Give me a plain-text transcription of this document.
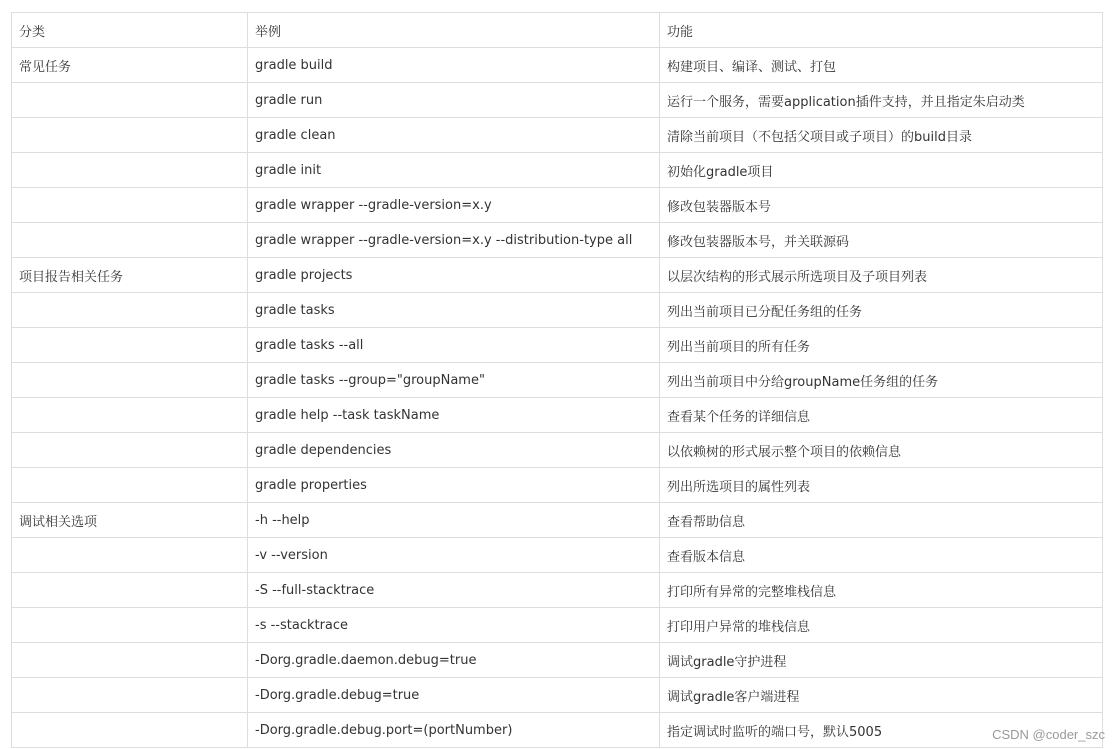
分类	举例	功能
常见任务	gradle build	构建项目、编译、测试、打包
	gradle run	运行一个服务，需要application插件支持，并且指定朱启动类
	gradle clean	清除当前项目（不包括父项目或子项目）的build目录
	gradle init	初始化gradle项目
	gradle wrapper --gradle-version=x.y	修改包装器版本号
	gradle wrapper --gradle-version=x.y --distribution-type all	修改包装器版本号，并关联源码
项目报告相关任务	gradle projects	以层次结构的形式展示所选项目及子项目列表
	gradle tasks	列出当前项目已分配任务组的任务
	gradle tasks --all	列出当前项目的所有任务
	gradle tasks --group="groupName"	列出当前项目中分给groupName任务组的任务
	gradle help --task taskName	查看某个任务的详细信息
	gradle dependencies	以依赖树的形式展示整个项目的依赖信息
	gradle properties	列出所选项目的属性列表
调试相关选项	-h --help	查看帮助信息
	-v --version	查看版本信息
	-S --full-stacktrace	打印所有异常的完整堆栈信息
	-s --stacktrace	打印用户异常的堆栈信息
	-Dorg.gradle.daemon.debug=true	调试gradle守护进程
	-Dorg.gradle.debug=true	调试gradle客户端进程
	-Dorg.gradle.debug.port=(portNumber)	指定调试时监听的端口号，默认5005	CSDN @coder_szc
